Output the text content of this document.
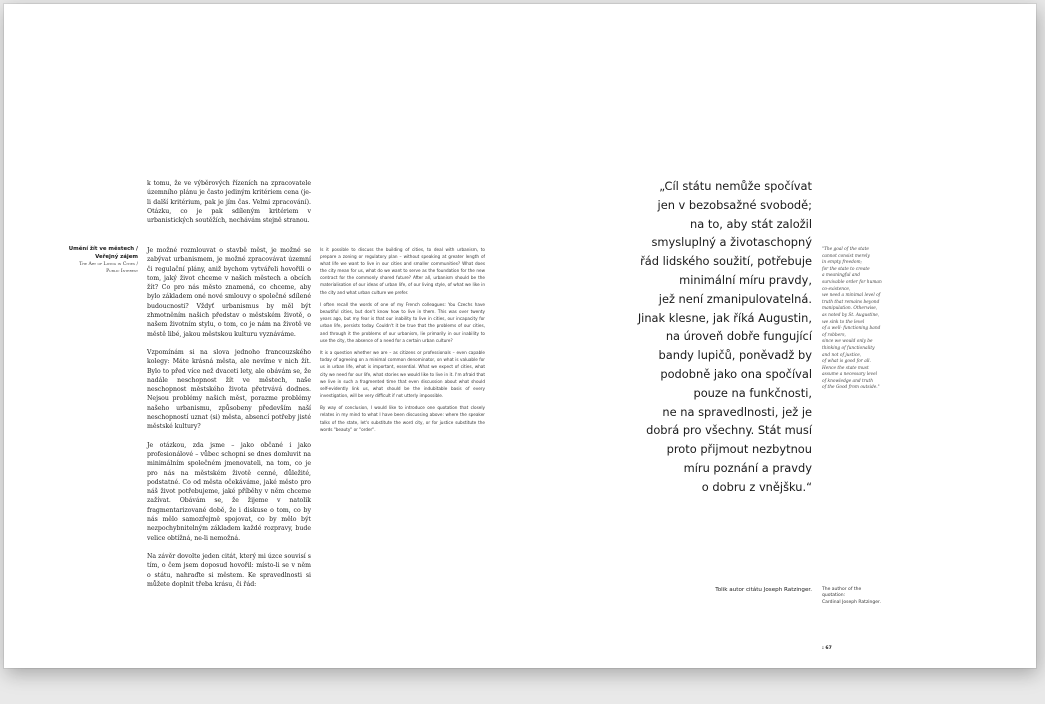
k tomu, že ve výběrových řízeních na zpracovatele územního plánu je často jediným kritériem cena (je-li další kritérium, pak je jím čas. Velmi zpracování). Otázku, co je pak sdíleným kritériem v urbanistických soutěžích, nechávám stejně stranou.

Umění žít ve městech /
Veřejný zájem
The Art of Living in Cities /
Public Interest

Je možné rozmlouvat o stavbě měst, je možné se zabývat urbanismem, je možné zpracovávat územní či regulační plány, aniž bychom vytvářeli hovořili o tom, jaký život chceme v našich městech a obcích žít? Co pro nás město znamená, co chceme, aby bylo základem oné nové smlouvy o společné sdílené budoucnosti? Vždyť urbanismus by měl být zhmotněním našich představ o městském životě, o našem životním stylu, o tom, co je nám na životě ve městě libé, jakou městskou kulturu vyznáváme.

Vzpomínám si na slova jednoho francouzského kolegy: Máte krásná města, ale nevíme v nich žít. Bylo to před více než dvaceti lety, ale obávám se, že nadále neschopnost žít ve městech, naše neschopnost městského života přetrvává dodnes. Nejsou problémy našich měst, porazme problémy našeho urbanismu, způsobeny především naší neschopností uznat (si) města, absencí potřeby jisté městské kultury?

Je otázkou, zda jsme – jako občané i jako profesionálové – vůbec schopni se dnes domluvit na minimálním společném jmenovateli, na tom, co je pro nás na městském životě cenné, důležité, podstatné. Co od města očekáváme, jaké město pro náš život potřebujeme, jaké příběhy v něm chceme zažívat. Obávám se, že žijeme v natolik fragmentarizované době, že i diskuse o tom, co by nás mělo samozřejmě spojovat, co by mělo být nezpochybnitelným základem každé rozpravy, bude velice obtížná, ne-li nemožná.

Na závěr dovolte jeden citát, který mi úzce souvisí s tím, o čem jsem doposud hovořil: místo-li se v něm o státu, nahraďte si městem. Ke spravedlnosti si můžete doplnit třeba krásu, či řád:

Is it possible to discuss the building of cities, to deal with urbanism, to prepare a zoning or regulatory plan – without speaking at greater length of what life we want to live in our cities and smaller communities? What does the city mean for us, what do we want to serve as the foundation for the new contract for the commonly shared future? After all, urbanism should be the materialisation of our ideas of urban life, of our living style, of what we like in the city and what urban culture we prefer.

I often recall the words of one of my French colleagues: You Czechs have beautiful cities, but don't know how to live in them. This was over twenty years ago, but my fear is that our inability to live in cities, our incapacity for urban life, persists today. Couldn't it be true that the problems of our cities, and through it the problems of our urbanism, lie primarily in our inability to use the city, the absence of a need for a certain urban culture?

It is a question whether we are – as citizens or professionals – even capable today of agreeing on a minimal common denominator, on what is valuable for us in urban life, what is important, essential. What we expect of cities, what city we need for our life, what stories we would like to live in it. I'm afraid that we live in such a fragmented time that even discussion about what should self-evidently link us, what should be the indubitable basis of every investigation, will be very difficult if not utterly impossible.

By way of conclusion, I would like to introduce one quotation that closely relates in my mind to what I have been discussing above: where the speaker talks of the state, let's substitute the word city, or for justice substitute the words "beauty" or "order".

„Cíl státu nemůže spočívat
jen v bezobsažné svobodě;
na to, aby stát založil
smysluplný a životaschopný
řád lidského soužití, potřebuje
minimální míru pravdy,
jež není zmanipulovatelná.
Jinak klesne, jak říká Augustin,
na úroveň dobře fungující
bandy lupičů, poněvadž by
podobně jako ona spočíval
pouze na funkčnosti,
ne na spravedlnosti, jež je
dobrá pro všechny. Stát musí
proto přijmout nezbytnou
míru poznání a pravdy
o dobru z vnějšku.“
"The goal of the state
cannot consist merely
in empty freedom;
for the state to create
a meaningful and
survivable order for human
co-existence,
we need a minimal level of
truth that remains beyond
manipulation. Otherwise,
as noted by St. Augustine,
we sink to the level
of a well- functioning band
of robbers,
since we would only be
thinking of functionality
and not of justice,
of what is good for all.
Hence the state must
assume a necessary level
of knowledge and truth
of the Good from outside."
Tolik autor citátu Joseph Ratzinger. The author of the
quotation:
Cardinal Joseph Ratzinger.
: 67
